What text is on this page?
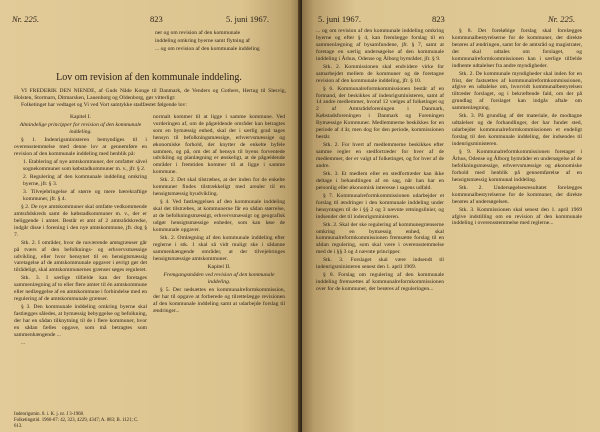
Nr. 225.	823	5. juni 1967.

ner og om revision af den kommunale

inddeling omkring byerne samt flytning af

... og om revision af den kommunale inddeling

Lov om revision af den kommunale inddeling.

VI FREDERIK DEN NIENDE, af Guds Nåde Konge til Danmark, de Venders og Gothers, Hertug til Slesvig, Holsten, Stormarn, Ditmarsken, Lauenborg og Oldenborg, gør vitterligt:

Folketinget har vedtaget og Vi ved Vort samtykke stadfæstet følgende lov:

Kapitel I.

Almindelige principper for revision af den kommunale inddeling.

§ 1. Indenrigsministeren bemyndiges til i overensstemmelse med denne lov at gennemføre en revision af den kommunale inddeling med henblik på:

1. Etablering af nye amtskommuner, der omfatter såvel sognekommuner som købstadkommuner m. v., jfr. § 2.

2. Regulering af den kommunale inddeling omkring byerne, jfr. § 3.

3. Tilvejebringelse af større og mere bærekraftige kommuner, jfr. § 4.

§ 2. De nye amtskommuner skal omfatte vedkommende amtsrådskreds samt de købstadkommuner m. v., der er beliggende i amtet. Består et amt af 2 amtsrådskredse, indgår disse i forening i den nye amtskommune, jfr. dog § 7.

Stk. 2. I områder, hvor de nuværende amtsgrænser går på tværs af den befolknings- og erhvervsmæssige udvikling, eller hvor hensynet til en hensigtsmæssig varetagelse af de amtskommunale opgaver i øvrigt gør det tilrådeligt, skal amtskommunernes grænser søges reguleret.

Stk. 3. I særlige tilfælde kan der foretages sammenlægning af to eller flere amter til én amtskommune eller nedlæggelse af en amtskommune i forbindelse med en regulering af de amtskommunale grænser.

§ 3. Den kommunale inddeling omkring byerne skal fastlægges således, at bymæssig bebyggelse og befolkning, der har en sådan tilknytning til de i flere kommuner, hvor en sådan fælles opgave, som må betragtes som sammenhængende ...

...

normalt kommer til at ligge i samme kommune. Ved vurderingen af, om de pågældende områder kan betragtes som en bymæssig enhed, skal der i særlig grad tages hensyn til befolkningsmæssige, erhvervsmæssige og økonomiske forhold, der knytter de enkelte byfele sammen, og på, om det af hensyn til byens forventede udvikling og planlægning er ønskeligt, at de pågældende områder i fremtiden kommer til at ligge i samme kommune.

Stk. 2. Det skal tilstræbes, at der inden for de enkelte kommuner findes tilstrækkeligt med arealer til en hensigtsmæssig byudvikling.

§ 4. Ved fastlæggelsen af den kommunale inddeling skal det tilstræbes, at kommunerne får en sådan størrelse, at de befolkningsmæssigt, erhvervsmæssigt og geografisk udgør hensigtsmæssige enheder, som kan løse de kommunale opgaver.

Stk. 2. Omlægning af den kommunale inddeling efter reglerne i stk. 1 skal så vidt muligt ske i sådanne sammenhængende områder, at der tilvejebringes hensigtsmæssige amtskommuner.

Kapitel II.

Fremgangsmåden ved revision af den kommunale inddeling.

§ 5. Der nedsættes en kommunalreformkommission, der har til opgave at forberede og tilrettelægge revisionen af den kommunale inddeling samt at udarbejde forslag til ændringer...

Indenrigsmin. 8. i. K. j. nr. J 3-1968.

Folketingstid. 1966-67: 42, 323, 4229, 4347; A. 883; B. 1121; C. 613.

5. juni 1967.	823	Nr. 225.

... og om revision af den kommunale inddeling omkring byerne og efter § 4, kan fremlægge forslag til en sammenlægning af bysamfundene, jfr. § 7, samt at foretage en særlig undersøgelse af den kommunale inddeling i Århus, Odense og Ålborg bymråder, jfr. § 9.

Stk. 2. Kommissionen skal endvidere virke for samarbejdet mellem de kommuner og de foretagne revision af den kommunale inddeling, jfr. § 10.

§ 6. Kommunalreformkommissionen består af en formand, der beskikkes af indenrigsministeren, samt af 14 andre medlemmer, hvoraf 12 vælges af folketinget og 2 af Amtsrådsforeningen i Danmark, Købstadsforeningen i Danmark og Foreningen Bymæssige Kommuner. Medlemmerne beskikkes for en periode af 4 år, men dog for den periode, kommissionen består.

Stk. 2. For hvert af medlemmerne beskikkes efter samme regler en stedfortræder for hver af de medlemmer, der er valgt af folketinget, og for hver af de andre.

Stk. 3. Et medlem eller en stedfortræder kan ikke deltage i behandlingen af en sag, når han har en personlig eller økonomisk interesse i sagens udfald.

§ 7. Kommunalreformkommissionen udarbejder et forslag til ændringer i den kommunale inddeling under hensyntagen til de i §§ 2 og 3 nævnte retningslinier, og indsender det til indenrigsministeren.

Stk. 2. Skal der ske regulering af kommunegrænserne omkring en bymæssig enhed, skal kommunalreformkommissionen fremsætte forslag til en sådan regulering, som skal være i overensstemmelse med de i §§ 3 og 4 nævnte principper.

Stk. 3. Forslaget skal være indsendt til indenrigsministeren senest den 1. april 1969.

§ 8. Forslag om regulering af den kommunale inddeling fremsættes af kommunalreformkommissionen over for de kommuner, der berøres af reguleringen...

§ 8. Det foreløbige forslag skal forelægges kommunalbestyrelserne for de kommuner, der direkte berøres af ændringen, samt for de amtsråd og magistrater, der skal udtales om forslaget, og kommunalreformkommissionen kan i særlige tilfælde indhente udtalelser fra andre myndigheder.

Stk. 2. De kommunale myndigheder skal inden for en frist, der fastsættes af kommunalreformkommissionen, afgive en udtalelse om, hvorvidt kommunalbestyrelsen tiltræder forslaget, og i bekræftende fald, om der på grundlag af forslaget kan indgås aftale om sammenlægning.

Stk. 3. På grundlag af det materiale, de modtagne udtalelser og de forhandlinger, der har fundet sted, udarbejder kommunalreformkommissionen et endeligt forslag til den kommunale inddeling, der indsendes til indenrigsministeren.

§ 9. Kommunalreformkommissionen foretager i Århus, Odense og Ålborg bymråder en undersøgelse af de befolkningsmæssige, erhvervsmæssige og økonomiske forhold med henblik på gennemførelse af en hensigtsmæssig kommunal inddeling.

Stk. 2. Undersøgelsesresultatet forelægges kommunalbestyrelserne for de kommuner, der direkte berøres af undersøgelsen.

Stk. 3. Kommissionen skal senest den 1. april 1969 afgive indstilling om en revision af den kommunale inddeling i overensstemmelse med reglerne...
